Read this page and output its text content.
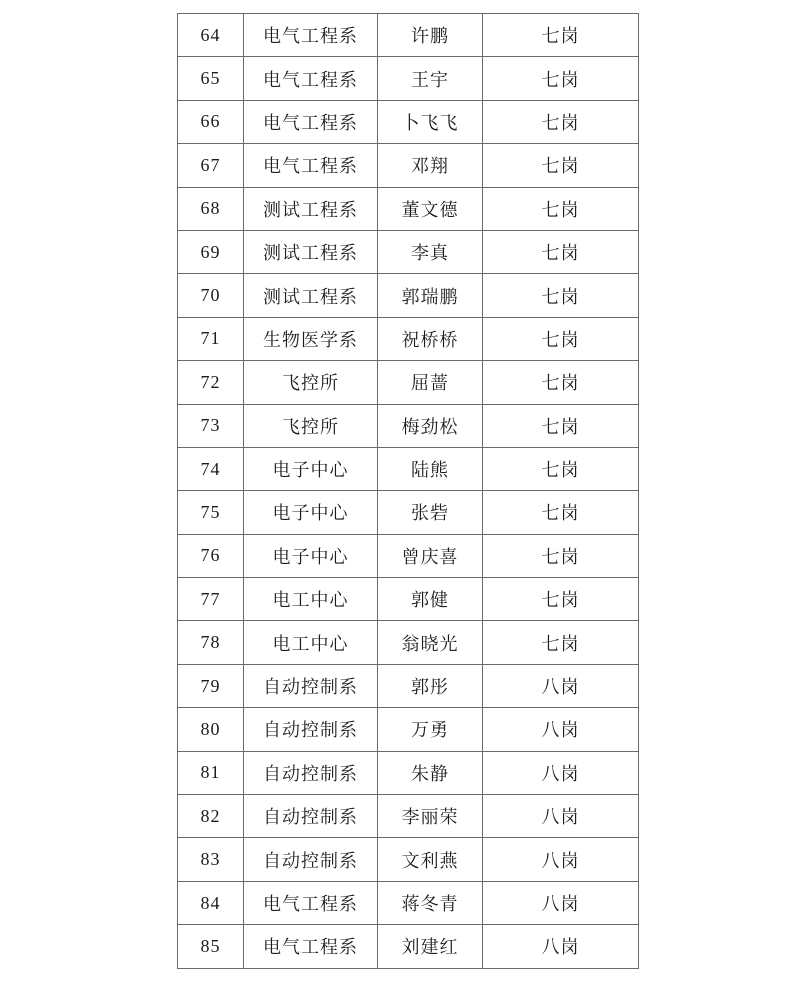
64	电气工程系	许鹏	七岗
65	电气工程系	王宇	七岗
66	电气工程系	卜飞飞	七岗
67	电气工程系	邓翔	七岗
68	测试工程系	董文德	七岗
69	测试工程系	李真	七岗
70	测试工程系	郭瑞鹏	七岗
71	生物医学系	祝桥桥	七岗
72	飞控所	屈蔷	七岗
73	飞控所	梅劲松	七岗
74	电子中心	陆熊	七岗
75	电子中心	张砦	七岗
76	电子中心	曾庆喜	七岗
77	电工中心	郭健	七岗
78	电工中心	翁晓光	七岗
79	自动控制系	郭彤	八岗
80	自动控制系	万勇	八岗
81	自动控制系	朱静	八岗
82	自动控制系	李丽荣	八岗
83	自动控制系	文利燕	八岗
84	电气工程系	蒋冬青	八岗
85	电气工程系	刘建红	八岗
